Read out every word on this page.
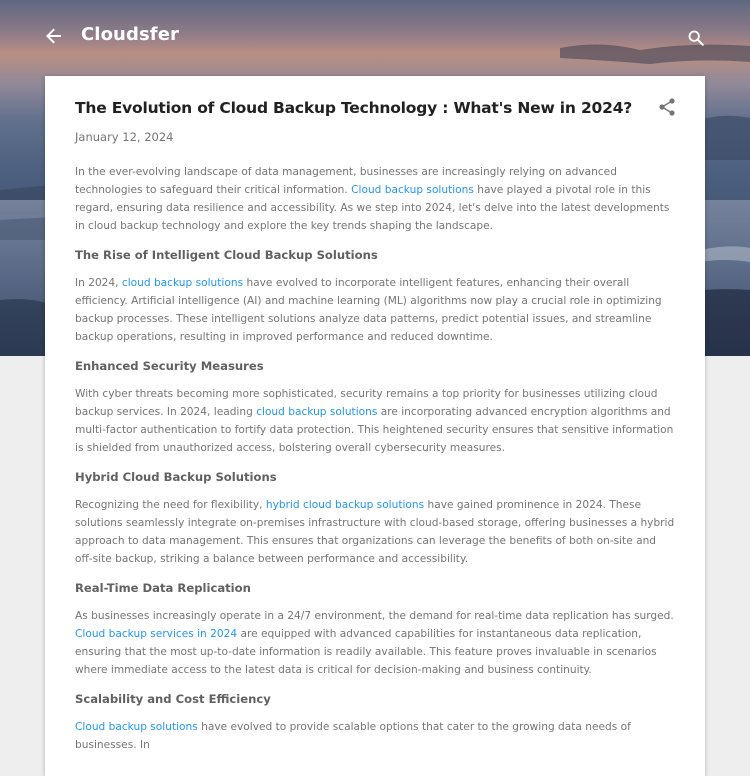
Cloudsfer
The Evolution of Cloud Backup Technology : What's New in 2024?
January 12, 2024

In the ever-evolving landscape of data management, businesses are increasingly relying on advanced technologies to safeguard their critical information. Cloud backup solutions have played a pivotal role in this regard, ensuring data resilience and accessibility. As we step into 2024, let's delve into the latest developments in cloud backup technology and explore the key trends shaping the landscape.

The Rise of Intelligent Cloud Backup Solutions

In 2024, cloud backup solutions have evolved to incorporate intelligent features, enhancing their overall efficiency. Artificial intelligence (AI) and machine learning (ML) algorithms now play a crucial role in optimizing backup processes. These intelligent solutions analyze data patterns, predict potential issues, and streamline backup operations, resulting in improved performance and reduced downtime.

Enhanced Security Measures

With cyber threats becoming more sophisticated, security remains a top priority for businesses utilizing cloud backup services. In 2024, leading cloud backup solutions are incorporating advanced encryption algorithms and multi-factor authentication to fortify data protection. This heightened security ensures that sensitive information is shielded from unauthorized access, bolstering overall cybersecurity measures.

Hybrid Cloud Backup Solutions

Recognizing the need for flexibility, hybrid cloud backup solutions have gained prominence in 2024. These solutions seamlessly integrate on-premises infrastructure with cloud-based storage, offering businesses a hybrid approach to data management. This ensures that organizations can leverage the benefits of both on-site and off-site backup, striking a balance between performance and accessibility.

Real-Time Data Replication

As businesses increasingly operate in a 24/7 environment, the demand for real-time data replication has surged. Cloud backup services in 2024 are equipped with advanced capabilities for instantaneous data replication, ensuring that the most up-to-date information is readily available. This feature proves invaluable in scenarios where immediate access to the latest data is critical for decision-making and business continuity.

Scalability and Cost Efficiency

Cloud backup solutions have evolved to provide scalable options that cater to the growing data needs of businesses. In
